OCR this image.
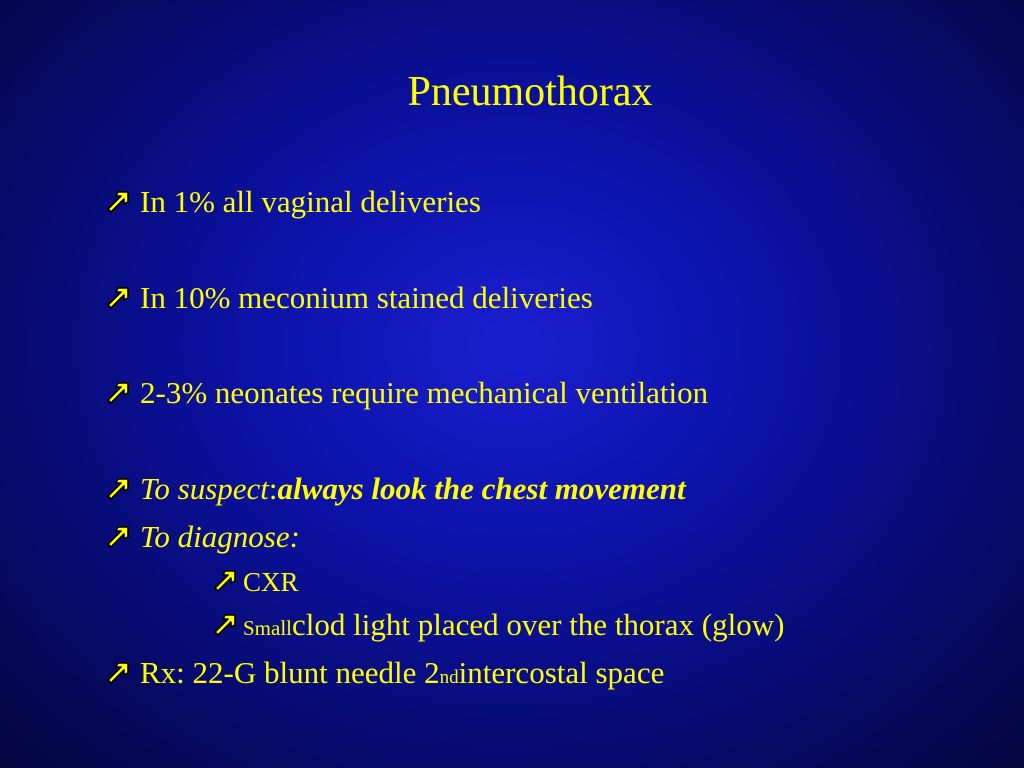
Pneumothorax
In 1% all vaginal deliveries
In 10% meconium stained deliveries
2-3% neonates require mechanical ventilation
To suspect : always look the chest movement
To diagnose:
CXR
Small clod light placed over the thorax (glow)
Rx: 22-G blunt needle 2 nd intercostal space
